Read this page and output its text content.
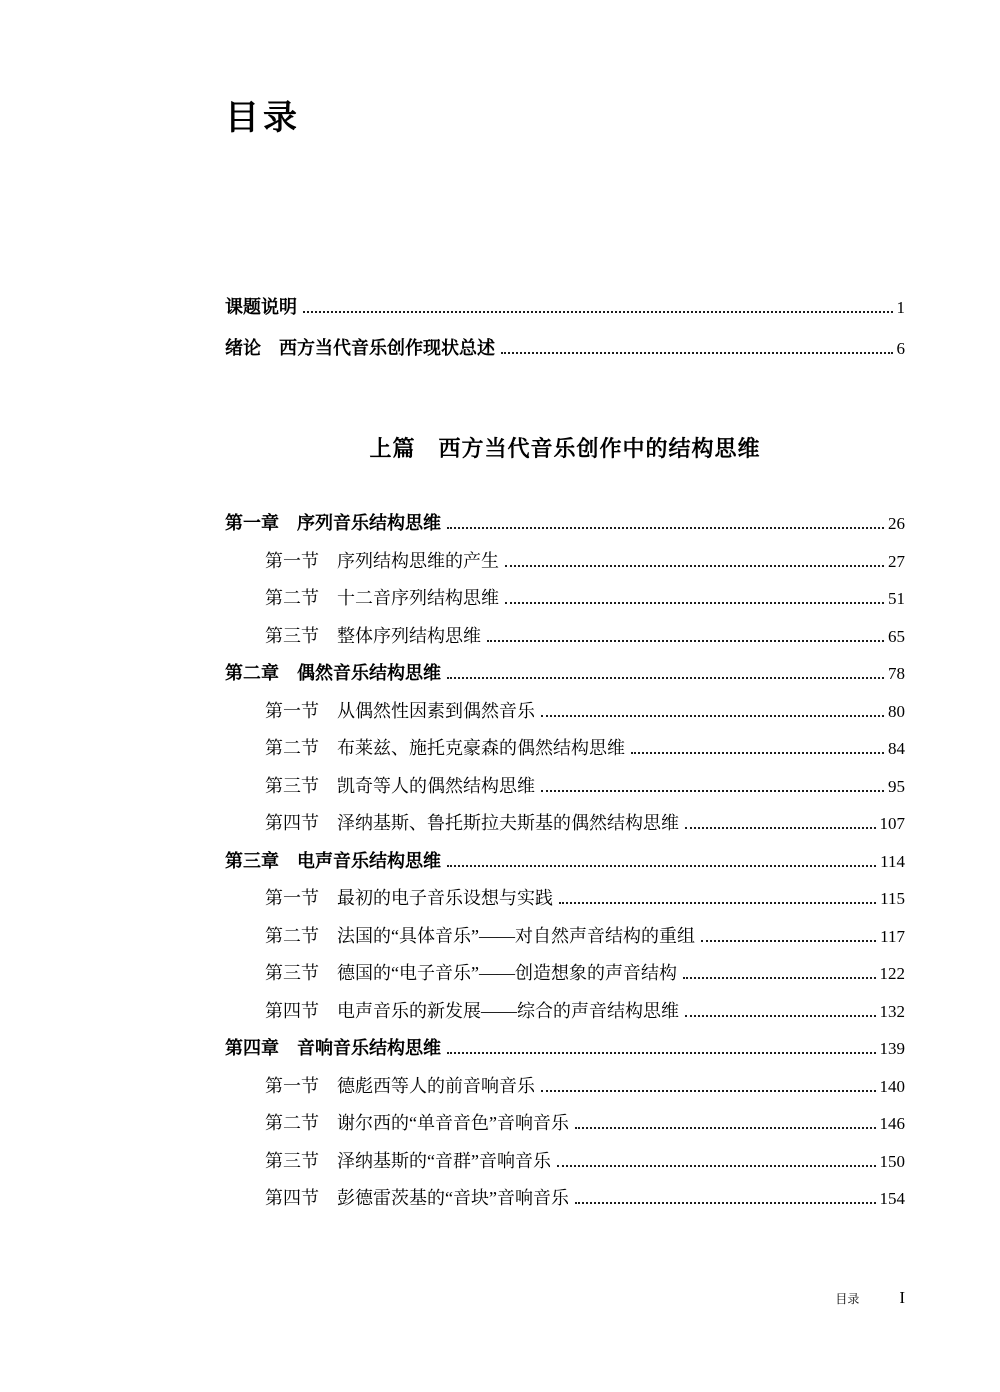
目录
课题说明	1
绪论　西方当代音乐创作现状总述	6
上篇　西方当代音乐创作中的结构思维
第一章　序列音乐结构思维	26
第一节　序列结构思维的产生	27
第二节　十二音序列结构思维	51
第三节　整体序列结构思维	65
第二章　偶然音乐结构思维	78
第一节　从偶然性因素到偶然音乐	80
第二节　布莱兹、施托克豪森的偶然结构思维	84
第三节　凯奇等人的偶然结构思维	95
第四节　泽纳基斯、鲁托斯拉夫斯基的偶然结构思维	107
第三章　电声音乐结构思维	114
第一节　最初的电子音乐设想与实践	115
第二节　法国的“具体音乐”——对自然声音结构的重组	117
第三节　德国的“电子音乐”——创造想象的声音结构	122
第四节　电声音乐的新发展——综合的声音结构思维	132
第四章　音响音乐结构思维	139
第一节　德彪西等人的前音响音乐	140
第二节　谢尔西的“单音音色”音响音乐	146
第三节　泽纳基斯的“音群”音响音乐	150
第四节　彭德雷茨基的“音块”音响音乐	154
目录 I
